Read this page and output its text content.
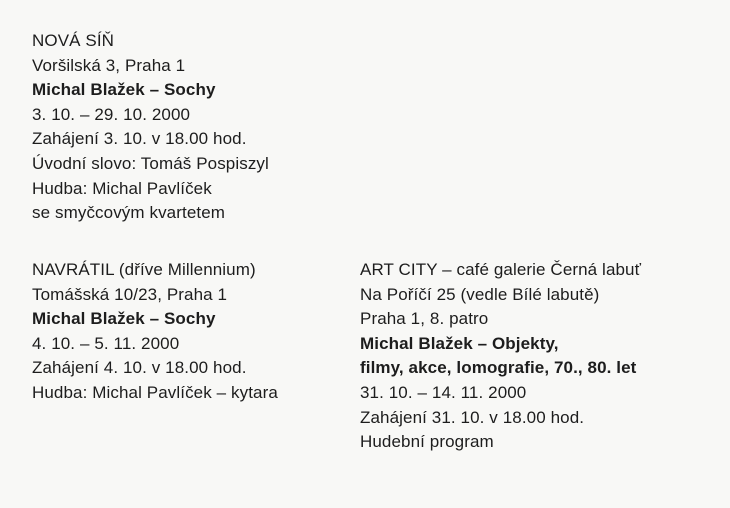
NOVÁ SÍŇ
Voršilská 3, Praha 1
Michal Blažek – Sochy
3. 10. – 29. 10. 2000
Zahájení 3. 10. v 18.00 hod.
Úvodní slovo: Tomáš Pospiszyl
Hudba: Michal Pavlíček
se smyčcovým kvartetem
NAVRÁTIL (dříve Millennium)
Tomášská 10/23, Praha 1
Michal Blažek – Sochy
4. 10. – 5. 11. 2000
Zahájení 4. 10. v 18.00 hod.
Hudba: Michal Pavlíček – kytara
ART CITY – café galerie Černá labuť
Na Poříčí 25 (vedle Bílé labutě)
Praha 1, 8. patro
Michal Blažek – Objekty,
filmy, akce, lomografie, 70., 80. let
31. 10. – 14. 11. 2000
Zahájení 31. 10. v 18.00 hod.
Hudební program
